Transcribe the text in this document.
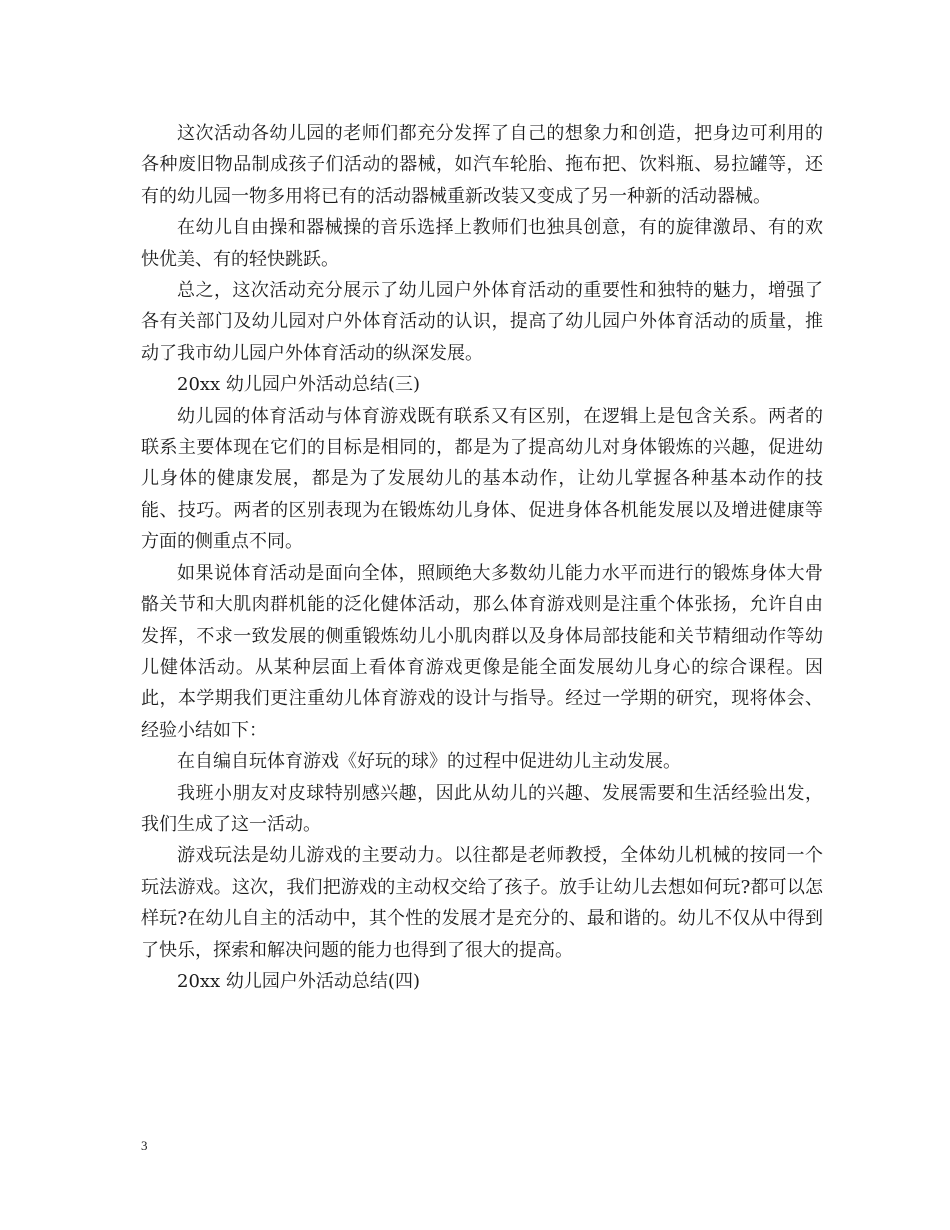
这次活动各幼儿园的老师们都充分发挥了自己的想象力和创造，把身边可利用的各种废旧物品制成孩子们活动的器械，如汽车轮胎、拖布把、饮料瓶、易拉罐等，还有的幼儿园一物多用将已有的活动器械重新改装又变成了另一种新的活动器械。

在幼儿自由操和器械操的音乐选择上教师们也独具创意，有的旋律激昂、有的欢快优美、有的轻快跳跃。

总之，这次活动充分展示了幼儿园户外体育活动的重要性和独特的魅力，增强了各有关部门及幼儿园对户外体育活动的认识，提高了幼儿园户外体育活动的质量，推动了我市幼儿园户外体育活动的纵深发展。

20xx 幼儿园户外活动总结(三)

幼儿园的体育活动与体育游戏既有联系又有区别，在逻辑上是包含关系。两者的联系主要体现在它们的目标是相同的，都是为了提高幼儿对身体锻炼的兴趣，促进幼儿身体的健康发展，都是为了发展幼儿的基本动作，让幼儿掌握各种基本动作的技能、技巧。两者的区别表现为在锻炼幼儿身体、促进身体各机能发展以及增进健康等方面的侧重点不同。

如果说体育活动是面向全体，照顾绝大多数幼儿能力水平而进行的锻炼身体大骨骼关节和大肌肉群机能的泛化健体活动，那么体育游戏则是注重个体张扬，允许自由发挥，不求一致发展的侧重锻炼幼儿小肌肉群以及身体局部技能和关节精细动作等幼儿健体活动。从某种层面上看体育游戏更像是能全面发展幼儿身心的综合课程。因此，本学期我们更注重幼儿体育游戏的设计与指导。经过一学期的研究，现将体会、经验小结如下：

在自编自玩体育游戏《好玩的球》的过程中促进幼儿主动发展。

我班小朋友对皮球特别感兴趣，因此从幼儿的兴趣、发展需要和生活经验出发，我们生成了这一活动。

游戏玩法是幼儿游戏的主要动力。以往都是老师教授，全体幼儿机械的按同一个玩法游戏。这次，我们把游戏的主动权交给了孩子。放手让幼儿去想如何玩?都可以怎样玩?在幼儿自主的活动中，其个性的发展才是充分的、最和谐的。幼儿不仅从中得到了快乐，探索和解决问题的能力也得到了很大的提高。

20xx 幼儿园户外活动总结(四)

3
